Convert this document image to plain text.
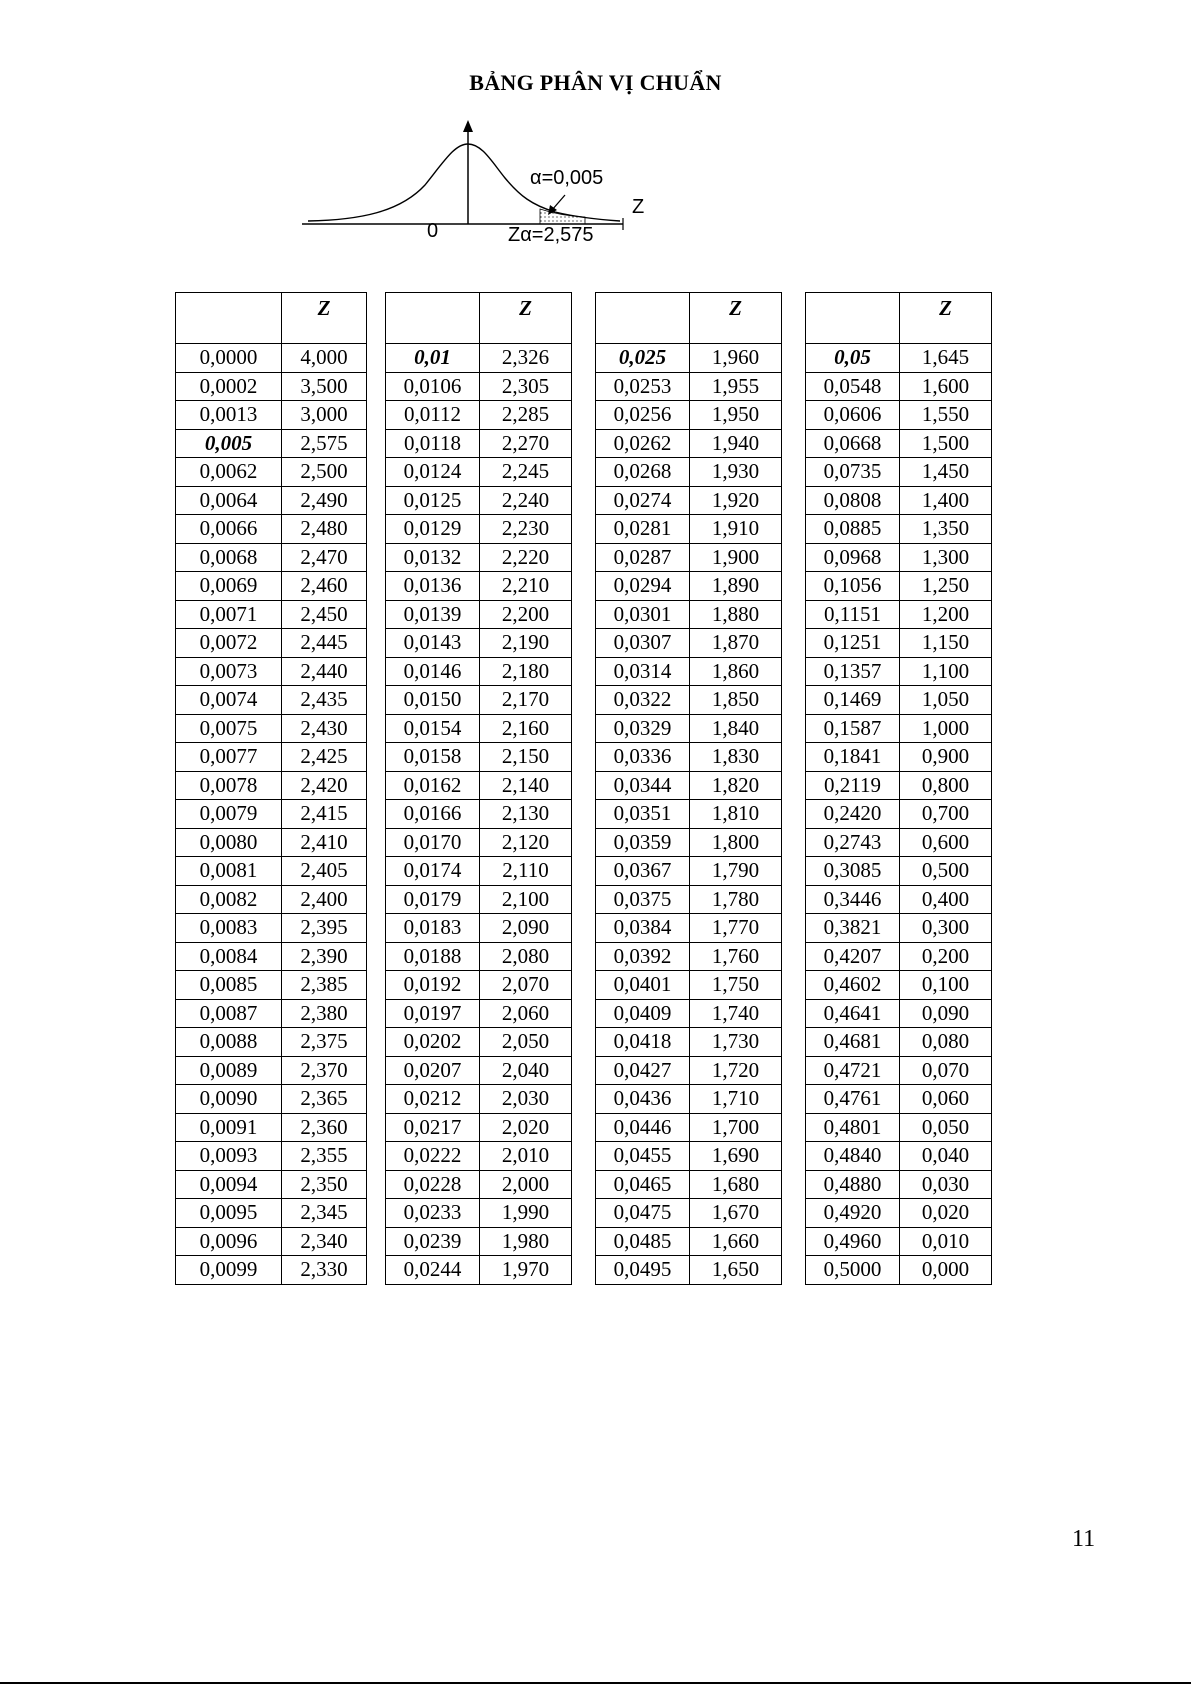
BẢNG PHÂN VỊ CHUẨN
α=0,005
Z
0	Zα=2,575
	Z
0,0000	4,000
0,0002	3,500
0,0013	3,000
0,005	2,575
0,0062	2,500
0,0064	2,490
0,0066	2,480
0,0068	2,470
0,0069	2,460
0,0071	2,450
0,0072	2,445
0,0073	2,440
0,0074	2,435
0,0075	2,430
0,0077	2,425
0,0078	2,420
0,0079	2,415
0,0080	2,410
0,0081	2,405
0,0082	2,400
0,0083	2,395
0,0084	2,390
0,0085	2,385
0,0087	2,380
0,0088	2,375
0,0089	2,370
0,0090	2,365
0,0091	2,360
0,0093	2,355
0,0094	2,350
0,0095	2,345
0,0096	2,340
0,0099	2,330
	Z
0,01	2,326
0,0106	2,305
0,0112	2,285
0,0118	2,270
0,0124	2,245
0,0125	2,240
0,0129	2,230
0,0132	2,220
0,0136	2,210
0,0139	2,200
0,0143	2,190
0,0146	2,180
0,0150	2,170
0,0154	2,160
0,0158	2,150
0,0162	2,140
0,0166	2,130
0,0170	2,120
0,0174	2,110
0,0179	2,100
0,0183	2,090
0,0188	2,080
0,0192	2,070
0,0197	2,060
0,0202	2,050
0,0207	2,040
0,0212	2,030
0,0217	2,020
0,0222	2,010
0,0228	2,000
0,0233	1,990
0,0239	1,980
0,0244	1,970
	Z
0,025	1,960
0,0253	1,955
0,0256	1,950
0,0262	1,940
0,0268	1,930
0,0274	1,920
0,0281	1,910
0,0287	1,900
0,0294	1,890
0,0301	1,880
0,0307	1,870
0,0314	1,860
0,0322	1,850
0,0329	1,840
0,0336	1,830
0,0344	1,820
0,0351	1,810
0,0359	1,800
0,0367	1,790
0,0375	1,780
0,0384	1,770
0,0392	1,760
0,0401	1,750
0,0409	1,740
0,0418	1,730
0,0427	1,720
0,0436	1,710
0,0446	1,700
0,0455	1,690
0,0465	1,680
0,0475	1,670
0,0485	1,660
0,0495	1,650
	Z
0,05	1,645
0,0548	1,600
0,0606	1,550
0,0668	1,500
0,0735	1,450
0,0808	1,400
0,0885	1,350
0,0968	1,300
0,1056	1,250
0,1151	1,200
0,1251	1,150
0,1357	1,100
0,1469	1,050
0,1587	1,000
0,1841	0,900
0,2119	0,800
0,2420	0,700
0,2743	0,600
0,3085	0,500
0,3446	0,400
0,3821	0,300
0,4207	0,200
0,4602	0,100
0,4641	0,090
0,4681	0,080
0,4721	0,070
0,4761	0,060
0,4801	0,050
0,4840	0,040
0,4880	0,030
0,4920	0,020
0,4960	0,010
0,5000	0,000
11
